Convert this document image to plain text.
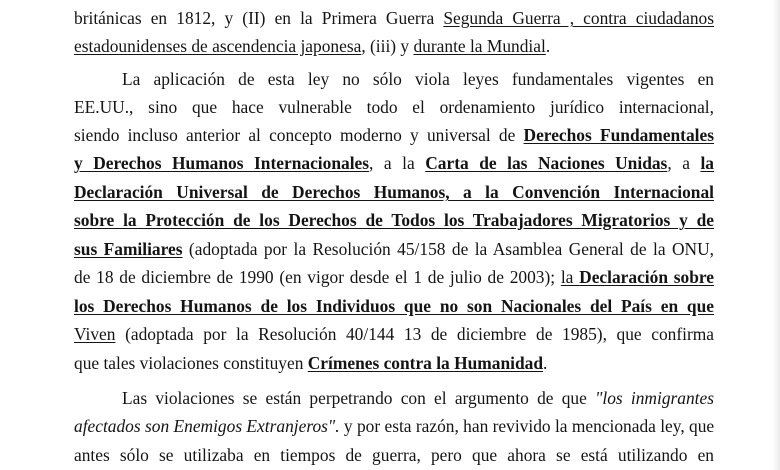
británicas en 1812, y (II) en la Primera Guerra Segunda Guerra , contra ciudadanos
estadounidenses de ascendencia japonesa, (iii) y durante la Mundial.
La aplicación de esta ley no sólo viola leyes fundamentales vigentes en
EE.UU., sino que hace vulnerable todo el ordenamiento jurídico internacional,
siendo incluso anterior al concepto moderno y universal de Derechos Fundamentales
y Derechos Humanos Internacionales, a la Carta de las Naciones Unidas, a la
Declaración Universal de Derechos Humanos, a la Convención Internacional
sobre la Protección de los Derechos de Todos los Trabajadores Migratorios y de
sus Familiares (adoptada por la Resolución 45/158 de la Asamblea General de la ONU,
de 18 de diciembre de 1990 (en vigor desde el 1 de julio de 2003); la Declaración sobre
los Derechos Humanos de los Individuos que no son Nacionales del País en que
Viven (adoptada por la Resolución 40/144 13 de diciembre de 1985), que confirma
que tales violaciones constituyen Crímenes contra la Humanidad.
Las violaciones se están perpetrando con el argumento de que "los inmigrantes
afectados son Enemigos Extranjeros". y por esta razón, han revivido la mencionada ley, que
antes sólo se utilizaba en tiempos de guerra, pero que ahora se está utilizando en
